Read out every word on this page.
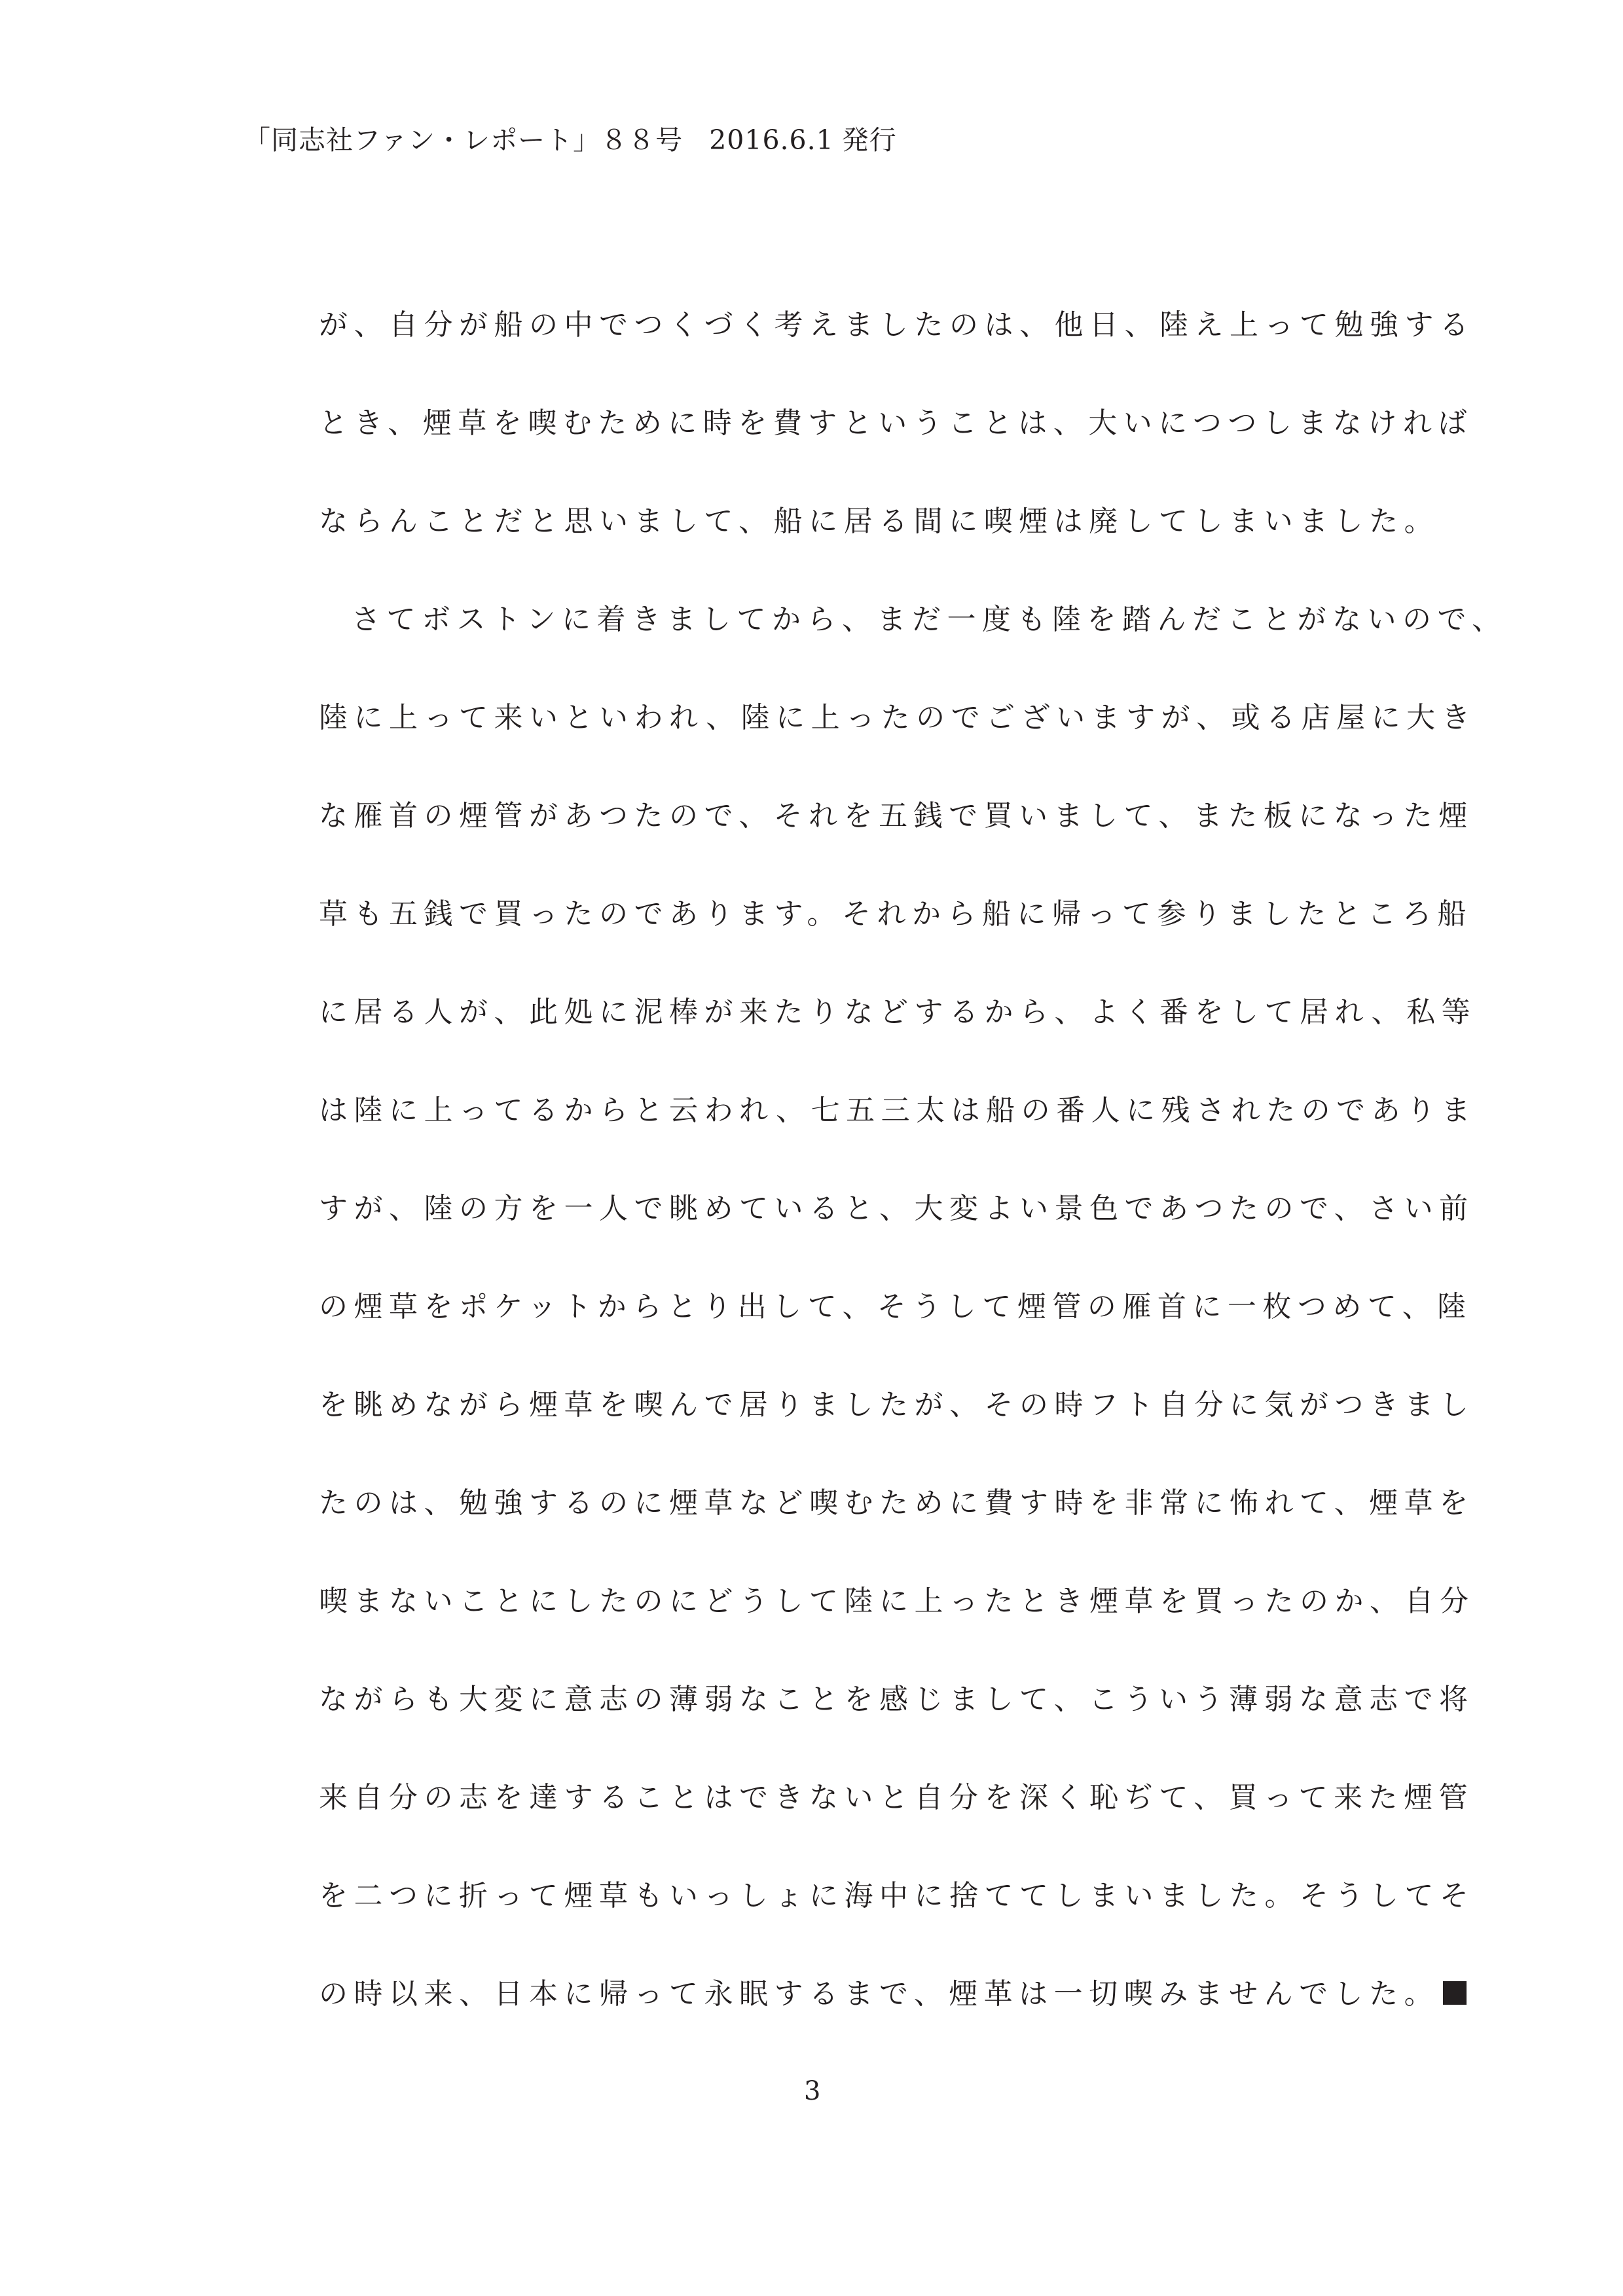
「同志社ファン・レポート」８８号 2016.6.1 発行
が、自分が船の中でつくづく考えましたのは、他日、陸え上って勉強する
とき、煙草を喫むために時を費すということは、大いにつつしまなければ
ならんことだと思いまして、船に居る間に喫煙は廃してしまいました。
さてボストンに着きましてから、まだ一度も陸を踏んだことがないので、
陸に上って来いといわれ、陸に上ったのでございますが、或る店屋に大き
な雁首の煙管があつたので、それを五銭で買いまして、また板になった煙
草も五銭で買ったのであります。それから船に帰って参りましたところ船
に居る人が、此処に泥棒が来たりなどするから、よく番をして居れ、私等
は陸に上ってるからと云われ、七五三太は船の番人に残されたのでありま
すが、陸の方を一人で眺めていると、大変よい景色であつたので、さい前
の煙草をポケットからとり出して、そうして煙管の雁首に一枚つめて、陸
を眺めながら煙草を喫んで居りましたが、その時フト自分に気がつきまし
たのは、勉強するのに煙草など喫むために費す時を非常に怖れて、煙草を
喫まないことにしたのにどうして陸に上ったとき煙草を買ったのか、自分
ながらも大変に意志の薄弱なことを感じまして、こういう薄弱な意志で将
来自分の志を達することはできないと自分を深く恥ぢて、買って来た煙管
を二つに折って煙草もいっしょに海中に捨ててしまいました。そうしてそ
の時以来、日本に帰って永眠するまで、煙革は一切喫みませんでした。
3
